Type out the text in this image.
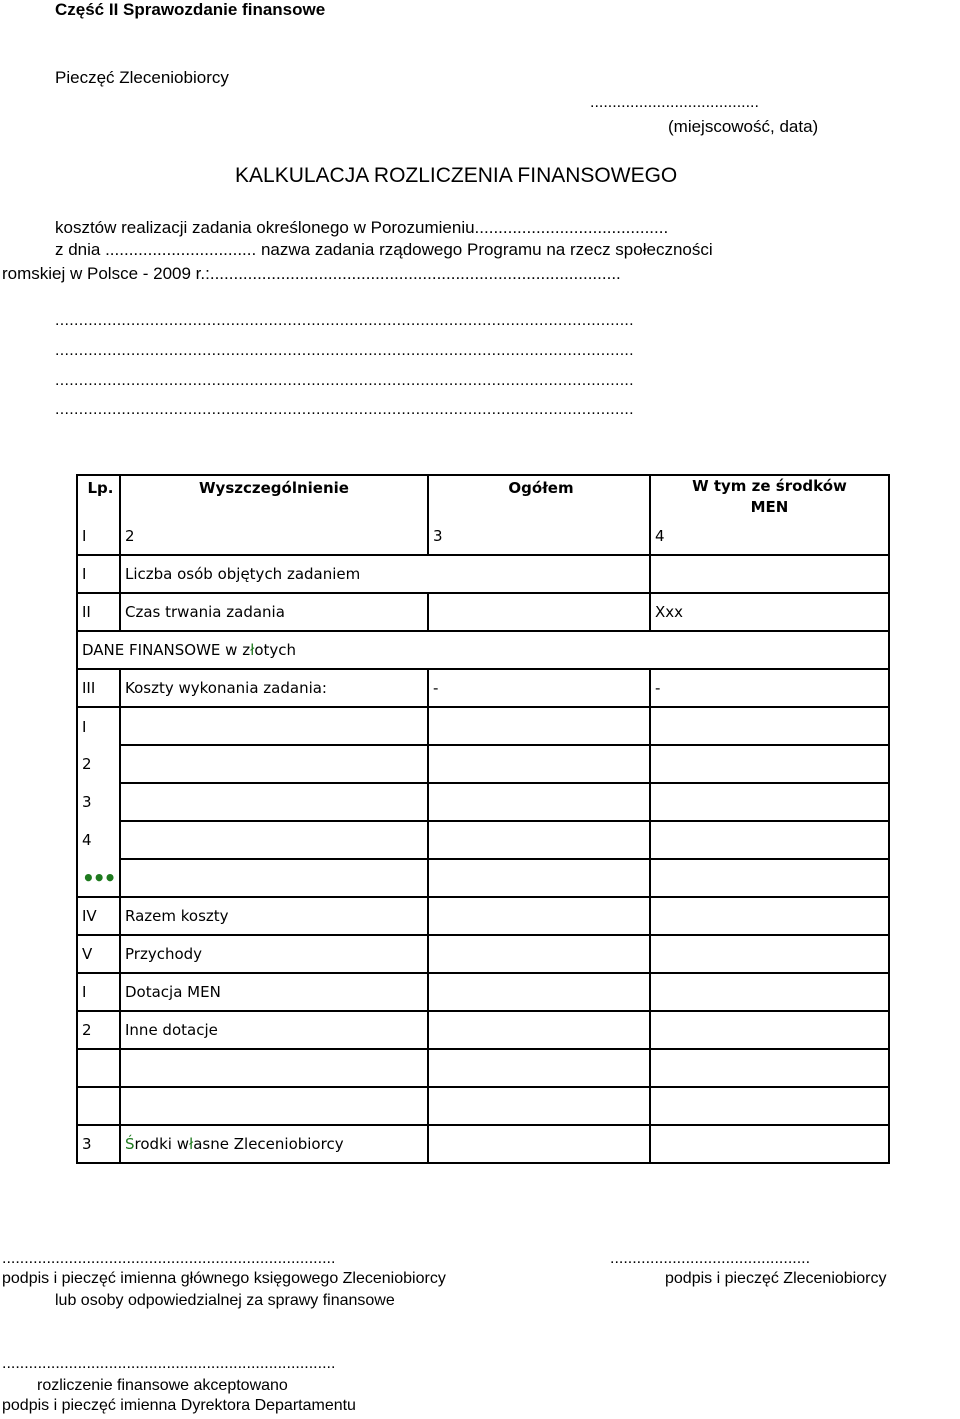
Część II Sprawozdanie finansowe
Pieczęć Zleceniobiorcy
......................................
(miejscowość, data)
KALKULACJA ROZLICZENIA FINANSOWEGO
kosztów realizacji zadania określonego w Porozumieniu.........................................
z dnia ................................ nazwa zadania rządowego Programu na rzecz społeczności
romskiej w Polsce - 2009 r.:.......................................................................................
..........................................................................................................................
..........................................................................................................................
..........................................................................................................................
..........................................................................................................................
Lp.	Wyszczególnienie	Ogółem	W tym ze środków MEN
I	2	3	4
I	Liczba osób objętych zadaniem		
II	Czas trwania zadania		Xxx
DANE FINANSOWE w złotych			
III	Koszty wykonania zadania:	-	-
I			
2			
3			
4			
•••			
IV	Razem koszty		
V	Przychody		
I	Dotacja MEN		
2	Inne dotacje		

3	Środki własne Zleceniobiorcy		
...........................................................................
podpis i pieczęć imienna głównego księgowego Zleceniobiorcy
lub osoby odpowiedzialnej za sprawy finansowe
.............................................
podpis i pieczęć Zleceniobiorcy
...........................................................................
rozliczenie finansowe akceptowano
podpis i pieczęć imienna Dyrektora Departamentu
